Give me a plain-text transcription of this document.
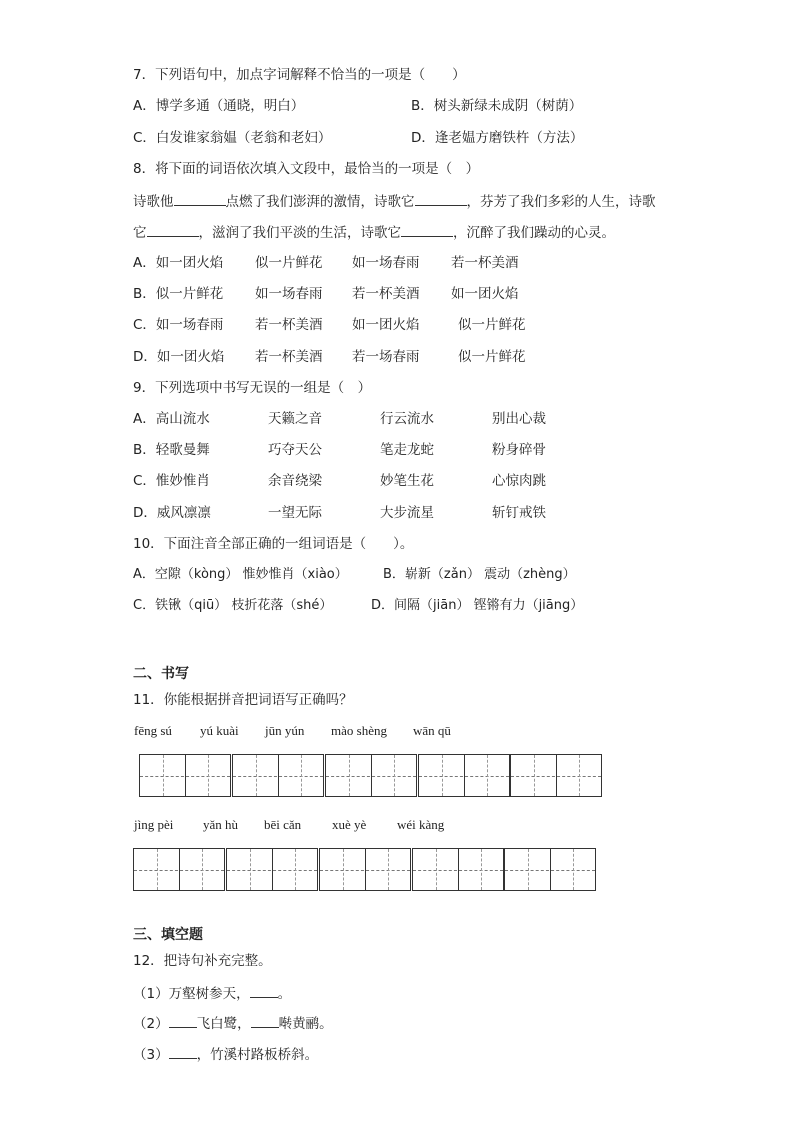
7．下列语句中，加点字词解释不恰当的一项是（　　）
A．博学多通（通晓，明白）	B．树头新绿未成阴（树荫）
C．白发谁家翁媪（老翁和老妇）	D．逢老媪方磨铁杵（方法）
8．将下面的词语依次填入文段中，最恰当的一项是（　）
诗歌他	点燃了我们澎湃的激情，诗歌它	，芬芳了我们多彩的人生，诗歌
它	，滋润了我们平淡的生活，诗歌它	，沉醉了我们躁动的心灵。
A．如一团火焰 似一片鲜花 如一场春雨 若一杯美酒
B．似一片鲜花 如一场春雨 若一杯美酒 如一团火焰
C．如一场春雨 若一杯美酒 如一团火焰	似一片鲜花
D．如一团火焰 若一杯美酒 若一场春雨	似一片鲜花
9．下列选项中书写无误的一组是（　）
A．高山流水	天籁之音	行云流水	别出心裁
B．轻歌曼舞	巧夺天公	笔走龙蛇	粉身碎骨
C．惟妙惟肖	余音绕梁	妙笔生花	心惊肉跳
D．威风凛凛	一望无际	大步流星	斩钉戒铁
10．下面注音全部正确的一组词语是（　　）。
A．空隙（kòng） 惟妙惟肖（xiào）	B．崭新（zǎn） 震动（zhèng）
C．铁锹（qiū） 枝折花落（shé）	D．间隔（jiān） 铿锵有力（jiāng）
二、书写
11．你能根据拼音把词语写正确吗？
fēng sú yú kuài jūn yún mào shèng wān qū
jìng pèi yǎn hù bēi cǎn xuè yè wéi kàng
三、填空题
12．把诗句补充完整。
（1）万壑树参天， 。
（2） 飞白鹭， 啭黄鹂。
（3） ，竹溪村路板桥斜。
